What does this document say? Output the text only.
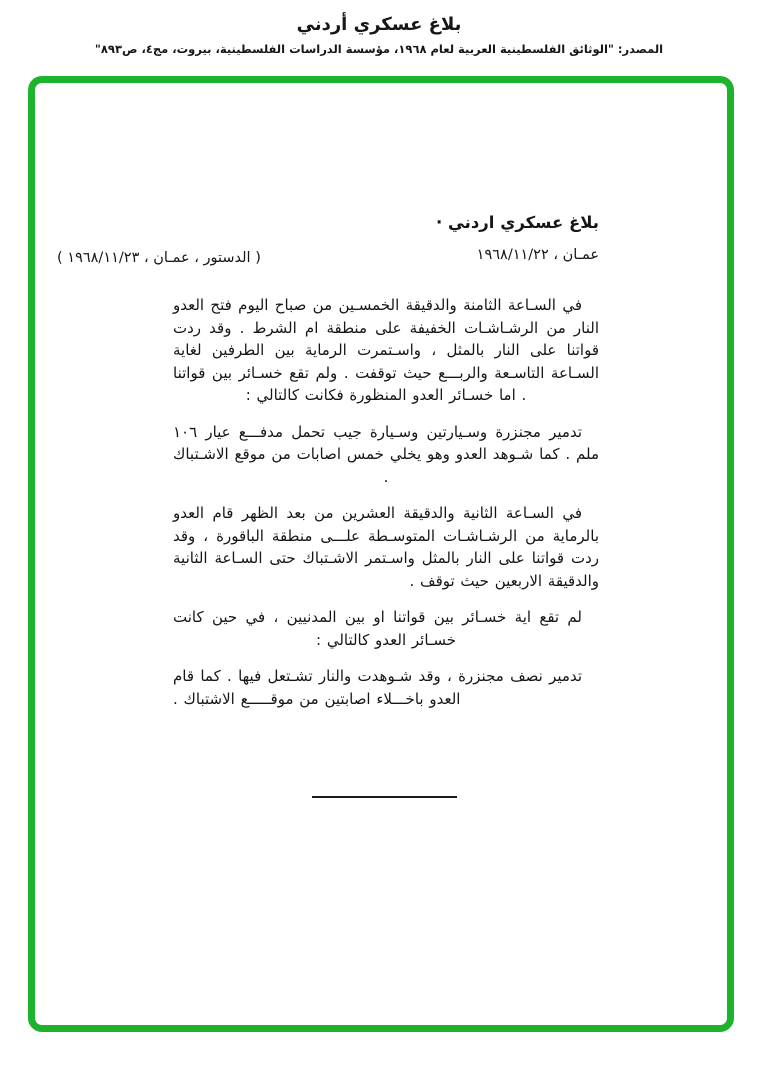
بلاغ عسكري أردني
المصدر: "الوثائق الفلسطينية العربية لعام ١٩٦٨، مؤسسة الدراسات الفلسطينية، بيروت، مج٤، ص٨٩٣"
بلاغ عسكري اردني ·
عمـان ، ١٩٦٨/١١/٢٢
( الدستور ، عمـان ، ١٩٦٨/١١/٢٣ )

في السـاعة الثامنة والدقيقة الخمسـين من صباح اليوم فتح العدو النار من الرشـاشـات الخفيفة على منطقة ام الشرط . وقد ردت قواتنا على النار بالمثل ، واسـتمرت الرماية بين الطرفين لغاية السـاعة التاسـعة والربـــع حيث توقفت . ولم تقع خسـائر بين قواتنا . اما خسـائر العدو المنظورة فكانت كالتالي :

تدمير مجنزرة وسـيارتين وسـيارة جيب تحمل مدفـــع عيار ١٠٦ ملم . كما شـوهد العدو وهو يخلي خمس اصابات من موقع الاشـتباك .

في السـاعة الثانية والدقيقة العشرين من بعد الظهر قام العدو بالرماية من الرشـاشـات المتوسـطة علـــى منطقة الباقورة ، وقد ردت قواتنا على النار بالمثل واسـتمر الاشـتباك حتى السـاعة الثانية والدقيقة الاربعين حيث توقف .

لم تقع اية خسـائر بين قواتنا او بين المدنيين ، في حين كانت خسـائر العدو كالتالي :

تدمير نصف مجنزرة ، وقد شـوهدت والنار تشـتعل فيها . كما قام العدو باخـــلاء اصابتين من موقـــــع الاشتباك .
